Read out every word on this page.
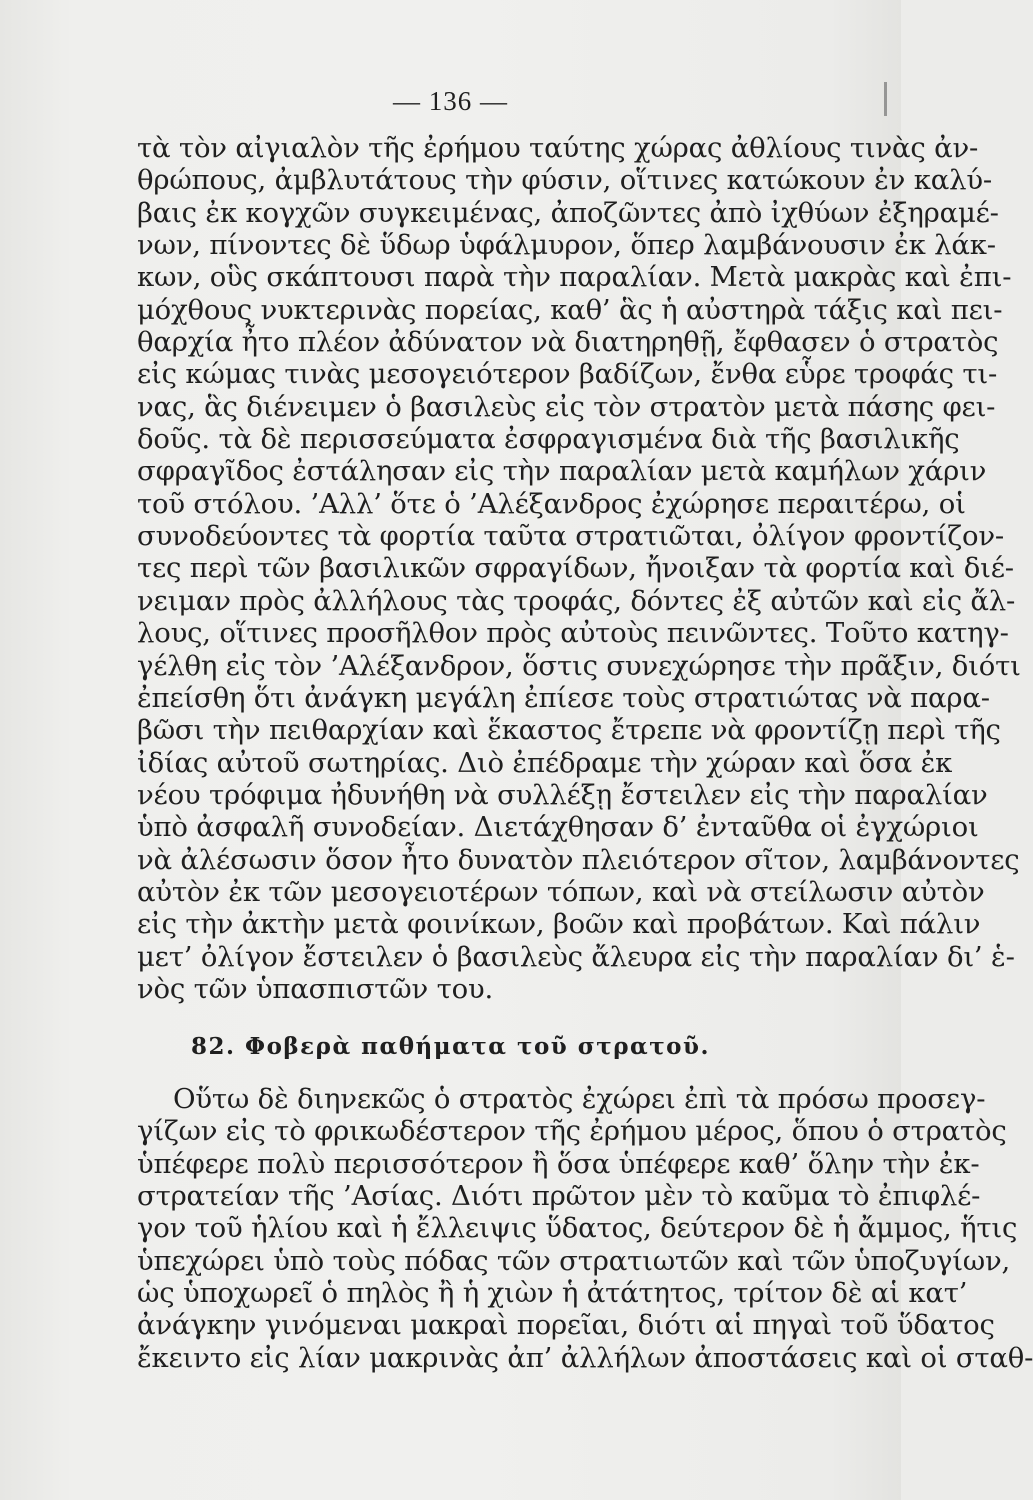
— 136 —
τὰ τὸν αἰγιαλὸν τῆς ἐρήμου ταύτης χώρας ἀθλίους τινὰς ἀν-
θρώπους, ἀμβλυτάτους τὴν φύσιν, οἵτινες κατώκουν ἐν καλύ-
βαις ἐκ κογχῶν συγκειμένας, ἀποζῶντες ἀπὸ ἰχθύων ἐξηραμέ-
νων, πίνοντες δὲ ὕδωρ ὑφάλμυρον, ὅπερ λαμβάνουσιν ἐκ λάκ-
κων, οὓς σκάπτουσι παρὰ τὴν παραλίαν. Μετὰ μακρὰς καὶ ἐπι-
μόχθους νυκτερινὰς πορείας, καθ’ ἃς ἡ αὐστηρὰ τάξις καὶ πει-
θαρχία ἦτο πλέον ἀδύνατον νὰ διατηρηθῇ, ἔφθασεν ὁ στρατὸς
εἰς κώμας τινὰς μεσογειότερον βαδίζων, ἔνθα εὗρε τροφάς τι-
νας, ἃς διένειμεν ὁ βασιλεὺς εἰς τὸν στρατὸν μετὰ πάσης φει-
δοῦς. τὰ δὲ περισσεύματα ἐσφραγισμένα διὰ τῆς βασιλικῆς
σφραγῖδος ἐστάλησαν εἰς τὴν παραλίαν μετὰ καμήλων χάριν
τοῦ στόλου. ’Αλλ’ ὅτε ὁ ’Αλέξανδρος ἐχώρησε περαιτέρω, οἱ
συνοδεύοντες τὰ φορτία ταῦτα στρατιῶται, ὀλίγον φροντίζον-
τες περὶ τῶν βασιλικῶν σφραγίδων, ἤνοιξαν τὰ φορτία καὶ διέ-
νειμαν πρὸς ἀλλήλους τὰς τροφάς, δόντες ἐξ αὐτῶν καὶ εἰς ἄλ-
λους, οἵτινες προσῆλθον πρὸς αὐτοὺς πεινῶντες. Τοῦτο κατηγ-
γέλθη εἰς τὸν ’Αλέξανδρον, ὅστις συνεχώρησε τὴν πρᾶξιν, διότι
ἐπείσθη ὅτι ἀνάγκη μεγάλη ἐπίεσε τοὺς στρατιώτας νὰ παρα-
βῶσι τὴν πειθαρχίαν καὶ ἕκαστος ἔτρεπε νὰ φροντίζῃ περὶ τῆς
ἰδίας αὐτοῦ σωτηρίας. Διὸ ἐπέδραμε τὴν χώραν καὶ ὅσα ἐκ
νέου τρόφιμα ἠδυνήθη νὰ συλλέξῃ ἔστειλεν εἰς τὴν παραλίαν
ὑπὸ ἀσφαλῆ συνοδείαν. Διετάχθησαν δ’ ἐνταῦθα οἱ ἐγχώριοι
νὰ ἀλέσωσιν ὅσον ἦτο δυνατὸν πλειότερον σῖτον, λαμβάνοντες
αὐτὸν ἐκ τῶν μεσογειοτέρων τόπων, καὶ νὰ στείλωσιν αὐτὸν
εἰς τὴν ἀκτὴν μετὰ φοινίκων, βοῶν καὶ προβάτων. Καὶ πάλιν
μετ’ ὀλίγον ἔστειλεν ὁ βασιλεὺς ἄλευρα εἰς τὴν παραλίαν δι’ ἑ-
νὸς τῶν ὑπασπιστῶν του.
82. Φοβερὰ παθήματα τοῦ στρατοῦ.
Οὕτω δὲ διηνεκῶς ὁ στρατὸς ἐχώρει ἐπὶ τὰ πρόσω προσεγ-
γίζων εἰς τὸ φρικωδέστερον τῆς ἐρήμου μέρος, ὅπου ὁ στρατὸς
ὑπέφερε πολὺ περισσότερον ἢ ὅσα ὑπέφερε καθ’ ὅλην τὴν ἐκ-
στρατείαν τῆς ’Ασίας. Διότι πρῶτον μὲν τὸ καῦμα τὸ ἐπιφλέ-
γον τοῦ ἡλίου καὶ ἡ ἔλλειψις ὕδατος, δεύτερον δὲ ἡ ἄμμος, ἥτις
ὑπεχώρει ὑπὸ τοὺς πόδας τῶν στρατιωτῶν καὶ τῶν ὑποζυγίων,
ὡς ὑποχωρεῖ ὁ πηλὸς ἢ ἡ χιὼν ἡ ἀτάτητος, τρίτον δὲ αἱ κατ’
ἀνάγκην γινόμεναι μακραὶ πορεῖαι, διότι αἱ πηγαὶ τοῦ ὕδατος
ἔκειντο εἰς λίαν μακρινὰς ἀπ’ ἀλλήλων ἀποστάσεις καὶ οἱ σταθ-
